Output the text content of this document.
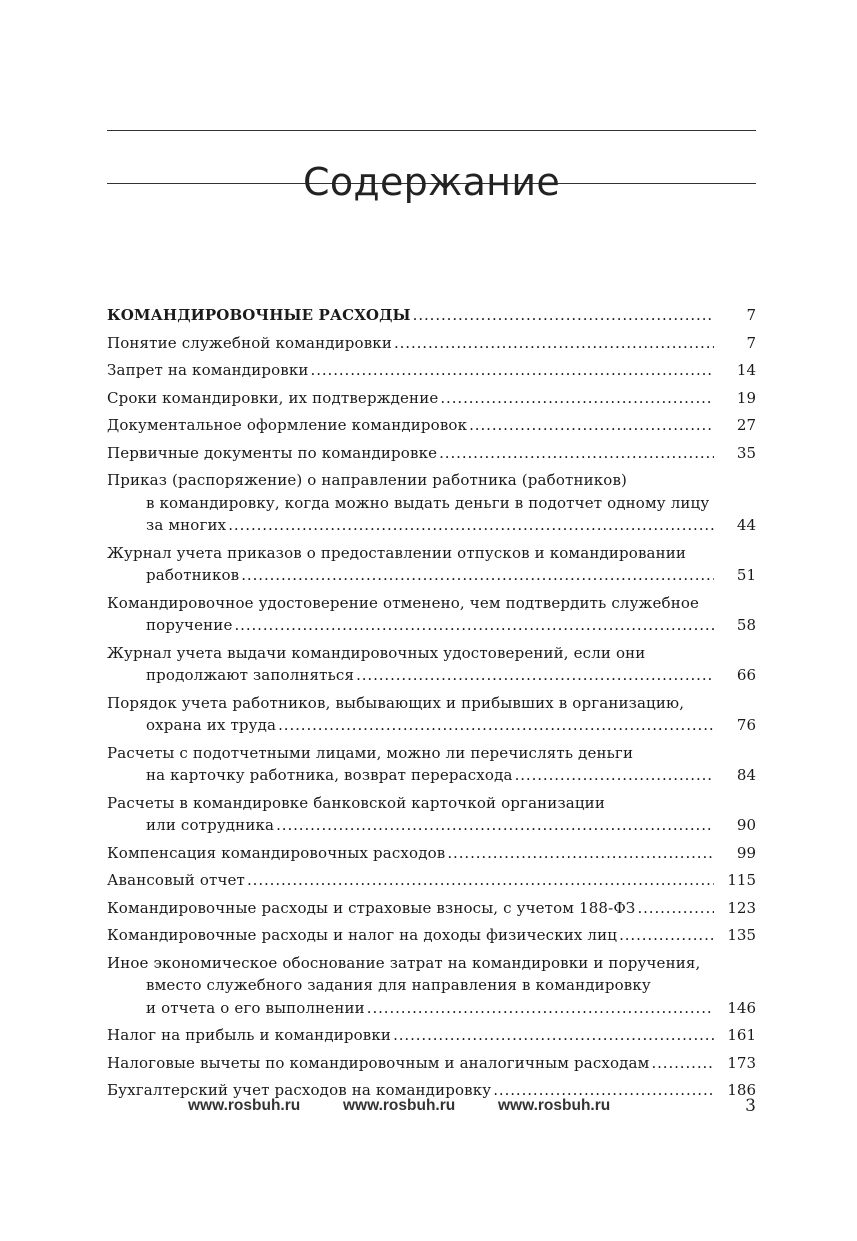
Содержание
КОМАНДИРОВОЧНЫЕ РАСХОДЫ .....	7
Понятие служебной командировки .....	7
Запрет на командировки .....	14
Сроки командировки, их подтверждение .....	19
Документальное оформление командировок .....	27
Первичные документы по командировке .....	35
Приказ (распоряжение) о направлении работника (работников)
в командировку, когда можно выдать деньги в подотчет одному лицу
за многих .....	44
Журнал учета приказов о предоставлении отпусков и командировании
работников .....	51
Командировочное удостоверение отменено, чем подтвердить служебное
поручение .....	58
Журнал учета выдачи командировочных удостоверений, если они
продолжают заполняться .....	66
Порядок учета работников, выбывающих и прибывших в организацию,
охрана их труда .....	76
Расчеты с подотчетными лицами, можно ли перечислять деньги
на карточку работника, возврат перерасхода .....	84
Расчеты в командировке банковской карточкой организации
или сотрудника .....	90
Компенсация командировочных расходов .....	99
Авансовый отчет .....	115
Командировочные расходы и страховые взносы, с учетом 188-ФЗ .....	123
Командировочные расходы и налог на доходы физических лиц .....	135
Иное экономическое обоснование затрат на командировки и поручения,
вместо служебного задания для направления в командировку
и отчета о его выполнении .....	146
Налог на прибыль и командировки .....	161
Налоговые вычеты по командировочным и аналогичным расходам .....	173
Бухгалтерский учет расходов на командировку .....	186
www.rosbuh.ru	www.rosbuh.ru	www.rosbuh.ru	3
